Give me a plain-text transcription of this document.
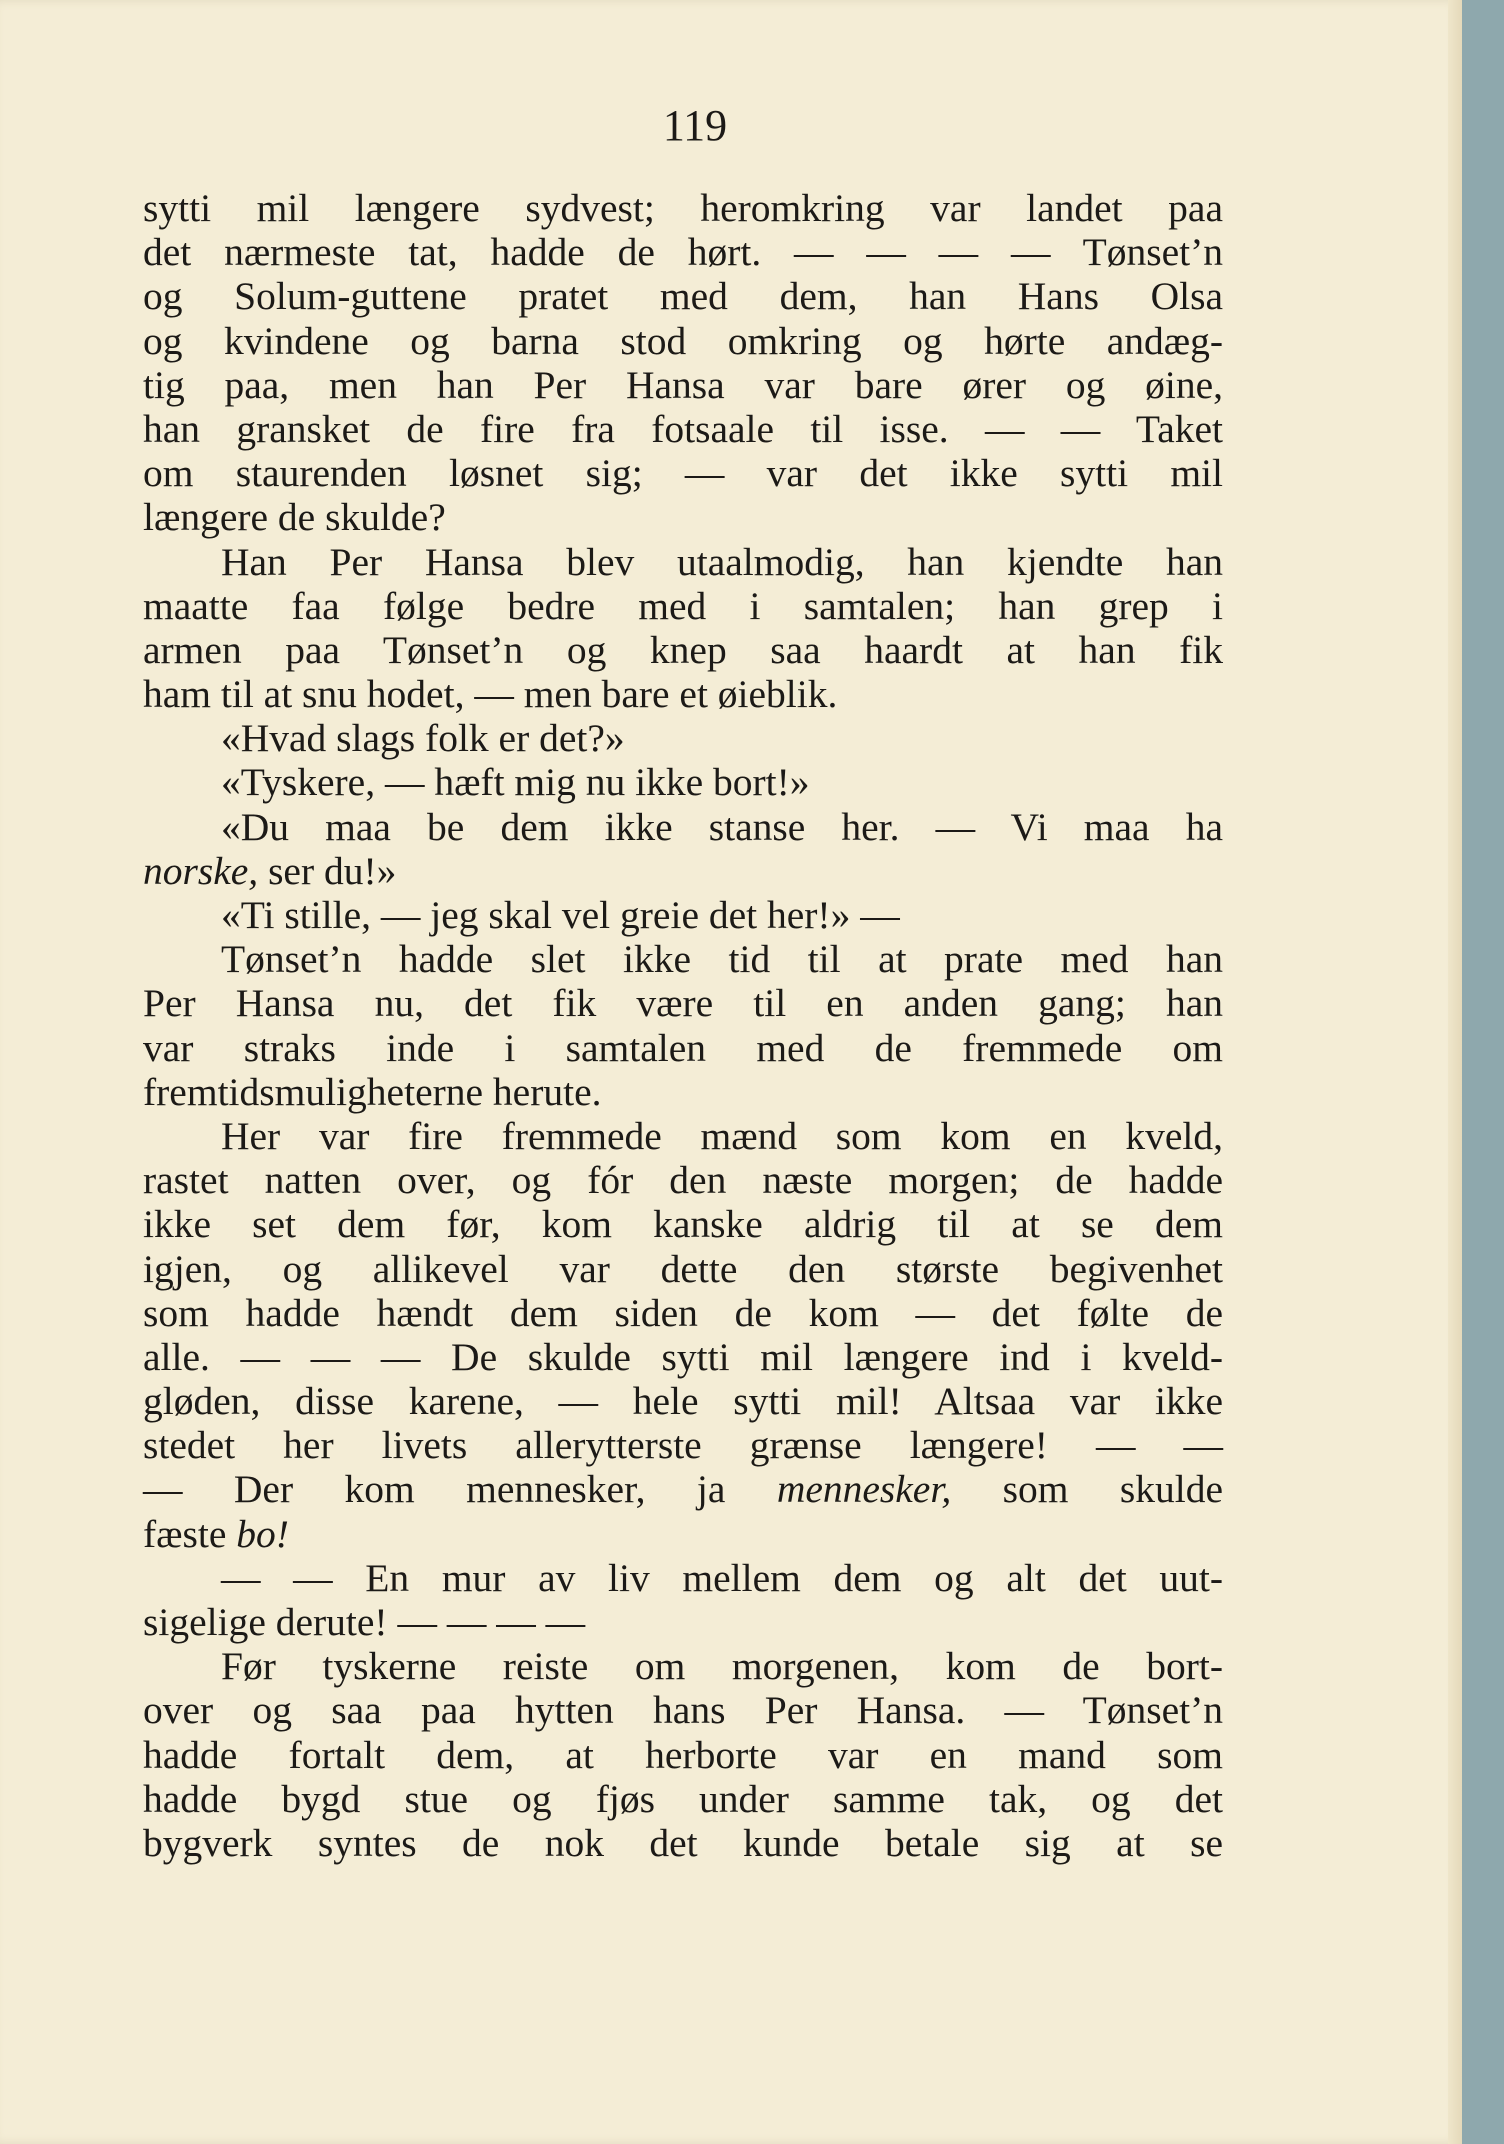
119
sytti mil længere sydvest; heromkring var landet paa
det nærmeste tat, hadde de hørt. — — — — Tønset’n
og Solum-guttene pratet med dem, han Hans Olsa
og kvindene og barna stod omkring og hørte andæg-
tig paa, men han Per Hansa var bare ører og øine,
han gransket de fire fra fotsaale til isse. — — Taket
om staurenden løsnet sig; — var det ikke sytti mil
længere de skulde?
Han Per Hansa blev utaalmodig, han kjendte han
maatte faa følge bedre med i samtalen; han grep i
armen paa Tønset’n og knep saa haardt at han fik
ham til at snu hodet, — men bare et øieblik.
«Hvad slags folk er det?»
«Tyskere, — hæft mig nu ikke bort!»
«Du maa be dem ikke stanse her. — Vi maa ha
norske, ser du!»
«Ti stille, — jeg skal vel greie det her!» —
Tønset’n hadde slet ikke tid til at prate med han
Per Hansa nu, det fik være til en anden gang; han
var straks inde i samtalen med de fremmede om
fremtidsmuligheterne herute.
Her var fire fremmede mænd som kom en kveld,
rastet natten over, og fór den næste morgen; de hadde
ikke set dem før, kom kanske aldrig til at se dem
igjen, og allikevel var dette den største begivenhet
som hadde hændt dem siden de kom — det følte de
alle. — — — De skulde sytti mil længere ind i kveld-
gløden, disse karene, — hele sytti mil! Altsaa var ikke
stedet her livets allerytterste grænse længere! — —
— Der kom mennesker, ja mennesker, som skulde
fæste bo!
— — En mur av liv mellem dem og alt det uut-
sigelige derute! — — — —
Før tyskerne reiste om morgenen, kom de bort-
over og saa paa hytten hans Per Hansa. — Tønset’n
hadde fortalt dem, at herborte var en mand som
hadde bygd stue og fjøs under samme tak, og det
bygverk syntes de nok det kunde betale sig at se
